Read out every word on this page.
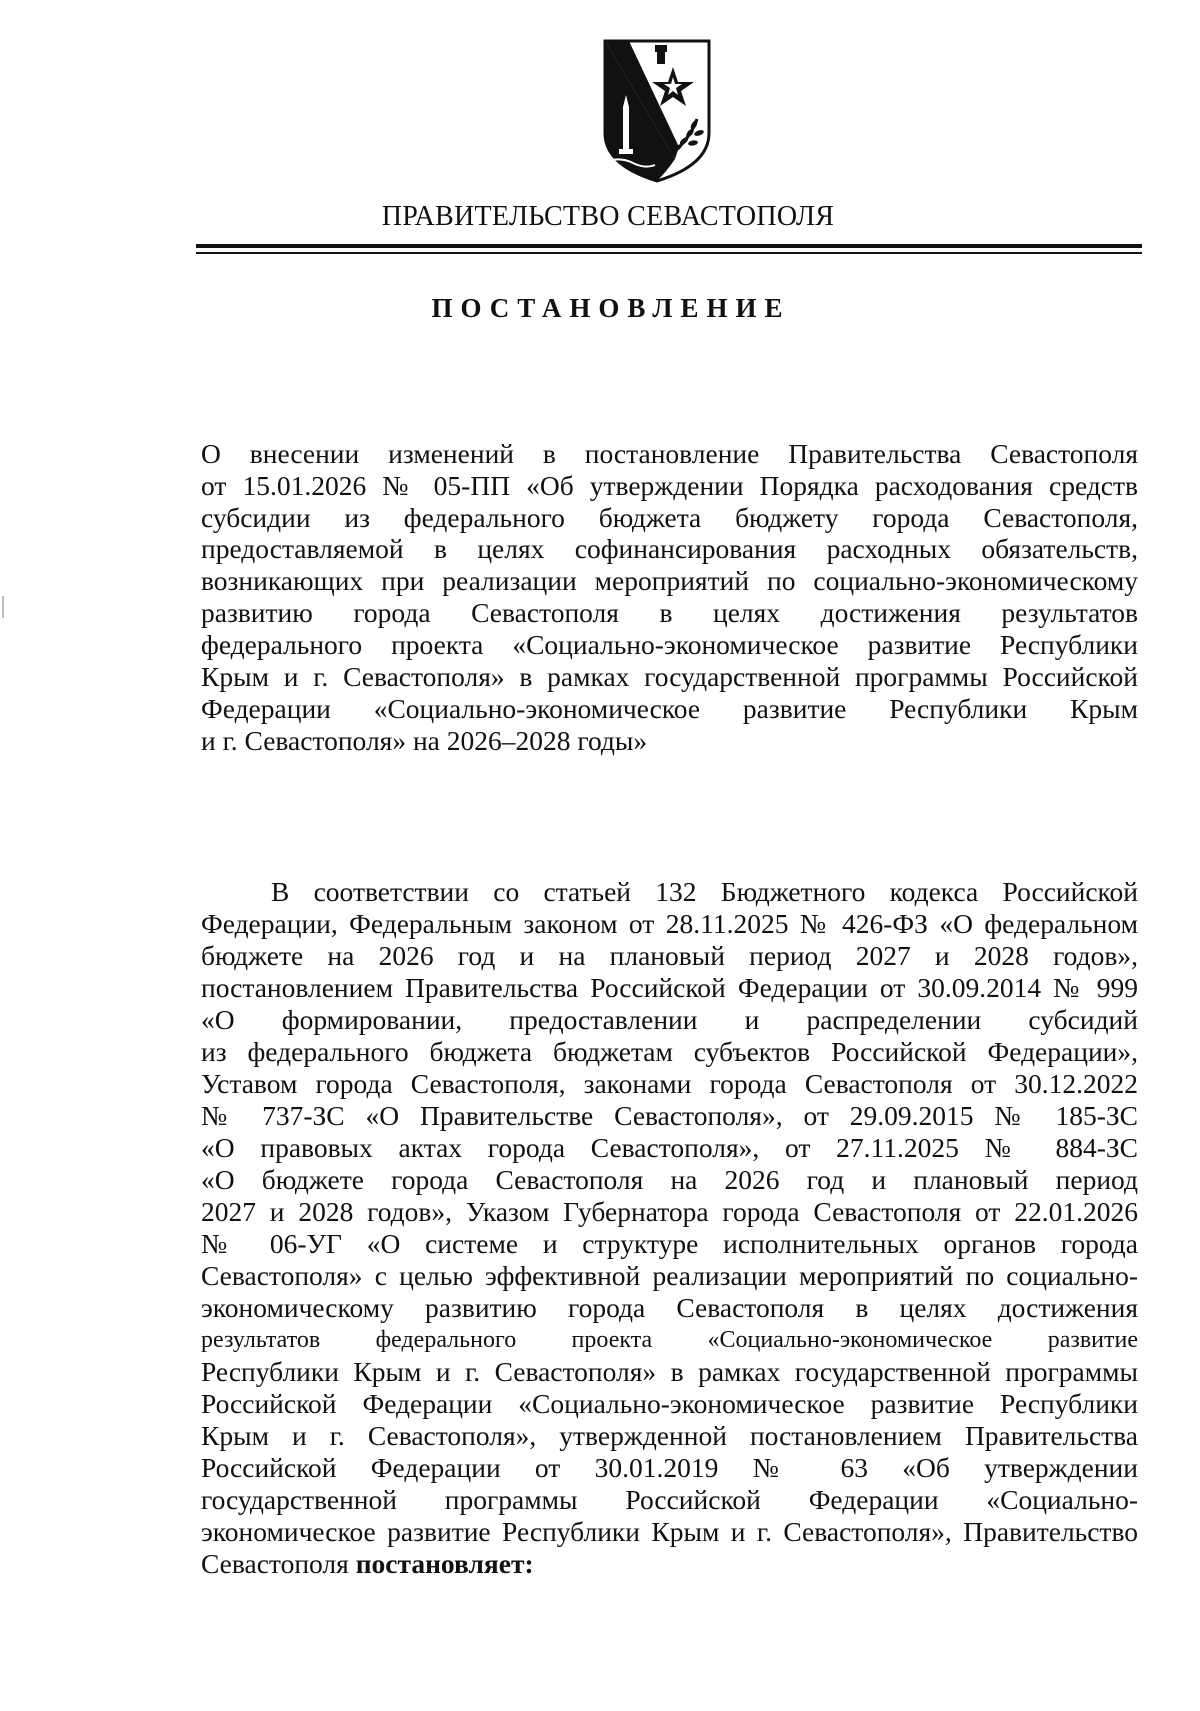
ПРАВИТЕЛЬСТВО СЕВАСТОПОЛЯ
ПОСТАНОВЛЕНИЕ
О внесении изменений в постановление Правительства Севастополя
от 15.01.2026 № 05-ПП «Об утверждении Порядка расходования средств
субсидии из федерального бюджета бюджету города Севастополя,
предоставляемой в целях софинансирования расходных обязательств,
возникающих при реализации мероприятий по социально-экономическому
развитию города Севастополя в целях достижения результатов
федерального проекта «Социально-экономическое развитие Республики
Крым и г. Севастополя» в рамках государственной программы Российской
Федерации «Социально-экономическое развитие Республики Крым
и г. Севастополя» на 2026–2028 годы»
В соответствии со статьей 132 Бюджетного кодекса Российской
Федерации, Федеральным законом от 28.11.2025 № 426-ФЗ «О федеральном
бюджете на 2026 год и на плановый период 2027 и 2028 годов»,
постановлением Правительства Российской Федерации от 30.09.2014 № 999
«О формировании, предоставлении и распределении субсидий
из федерального бюджета бюджетам субъектов Российской Федерации»,
Уставом города Севастополя, законами города Севастополя от 30.12.2022
№ 737-ЗС «О Правительстве Севастополя», от 29.09.2015 № 185-ЗС
«О правовых актах города Севастополя», от 27.11.2025 № 884-ЗС
«О бюджете города Севастополя на 2026 год и плановый период
2027 и 2028 годов», Указом Губернатора города Севастополя от 22.01.2026
№ 06-УГ «О системе и структуре исполнительных органов города
Севастополя» с целью эффективной реализации мероприятий по социально-
экономическому развитию города Севастополя в целях достижения
результатов федерального проекта «Социально-экономическое развитие
Республики Крым и г. Севастополя» в рамках государственной программы
Российской Федерации «Социально-экономическое развитие Республики
Крым и г. Севастополя», утвержденной постановлением Правительства
Российской Федерации от 30.01.2019 № 63 «Об утверждении
государственной программы Российской Федерации «Социально-
экономическое развитие Республики Крым и г. Севастополя», Правительство
Севастополя постановляет:
